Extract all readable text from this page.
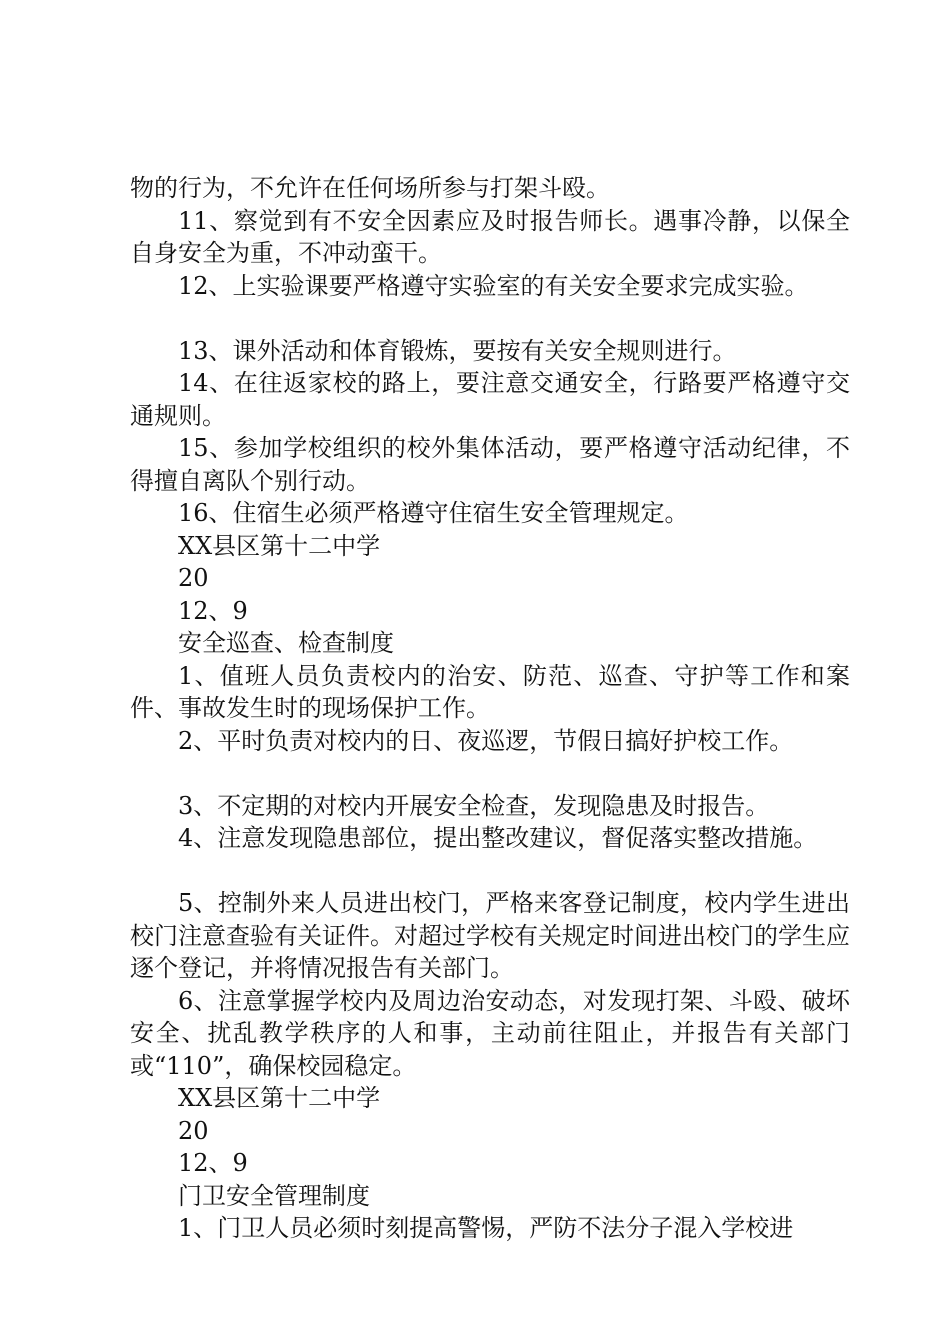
物的行为，不允许在任何场所参与打架斗殴。

11、察觉到有不安全因素应及时报告师长。遇事冷静，以保全自身安全为重，不冲动蛮干。

12、上实验课要严格遵守实验室的有关安全要求完成实验。

13、课外活动和体育锻炼，要按有关安全规则进行。

14、在往返家校的路上，要注意交通安全，行路要严格遵守交通规则。

15、参加学校组织的校外集体活动，要严格遵守活动纪律，不得擅自离队个别行动。

16、住宿生必须严格遵守住宿生安全管理规定。

XX县区第十二中学

20

12、9

安全巡查、检查制度

1、值班人员负责校内的治安、防范、巡查、守护等工作和案件、事故发生时的现场保护工作。

2、平时负责对校内的日、夜巡逻，节假日搞好护校工作。

3、不定期的对校内开展安全检查，发现隐患及时报告。

4、注意发现隐患部位，提出整改建议，督促落实整改措施。

5、控制外来人员进出校门，严格来客登记制度，校内学生进出校门注意查验有关证件。对超过学校有关规定时间进出校门的学生应逐个登记，并将情况报告有关部门。

6、注意掌握学校内及周边治安动态，对发现打架、斗殴、破坏安全、扰乱教学秩序的人和事，主动前往阻止，并报告有关部门或“110”，确保校园稳定。

XX县区第十二中学

20

12、9

门卫安全管理制度

1、门卫人员必须时刻提高警惕，严防不法分子混入学校进
